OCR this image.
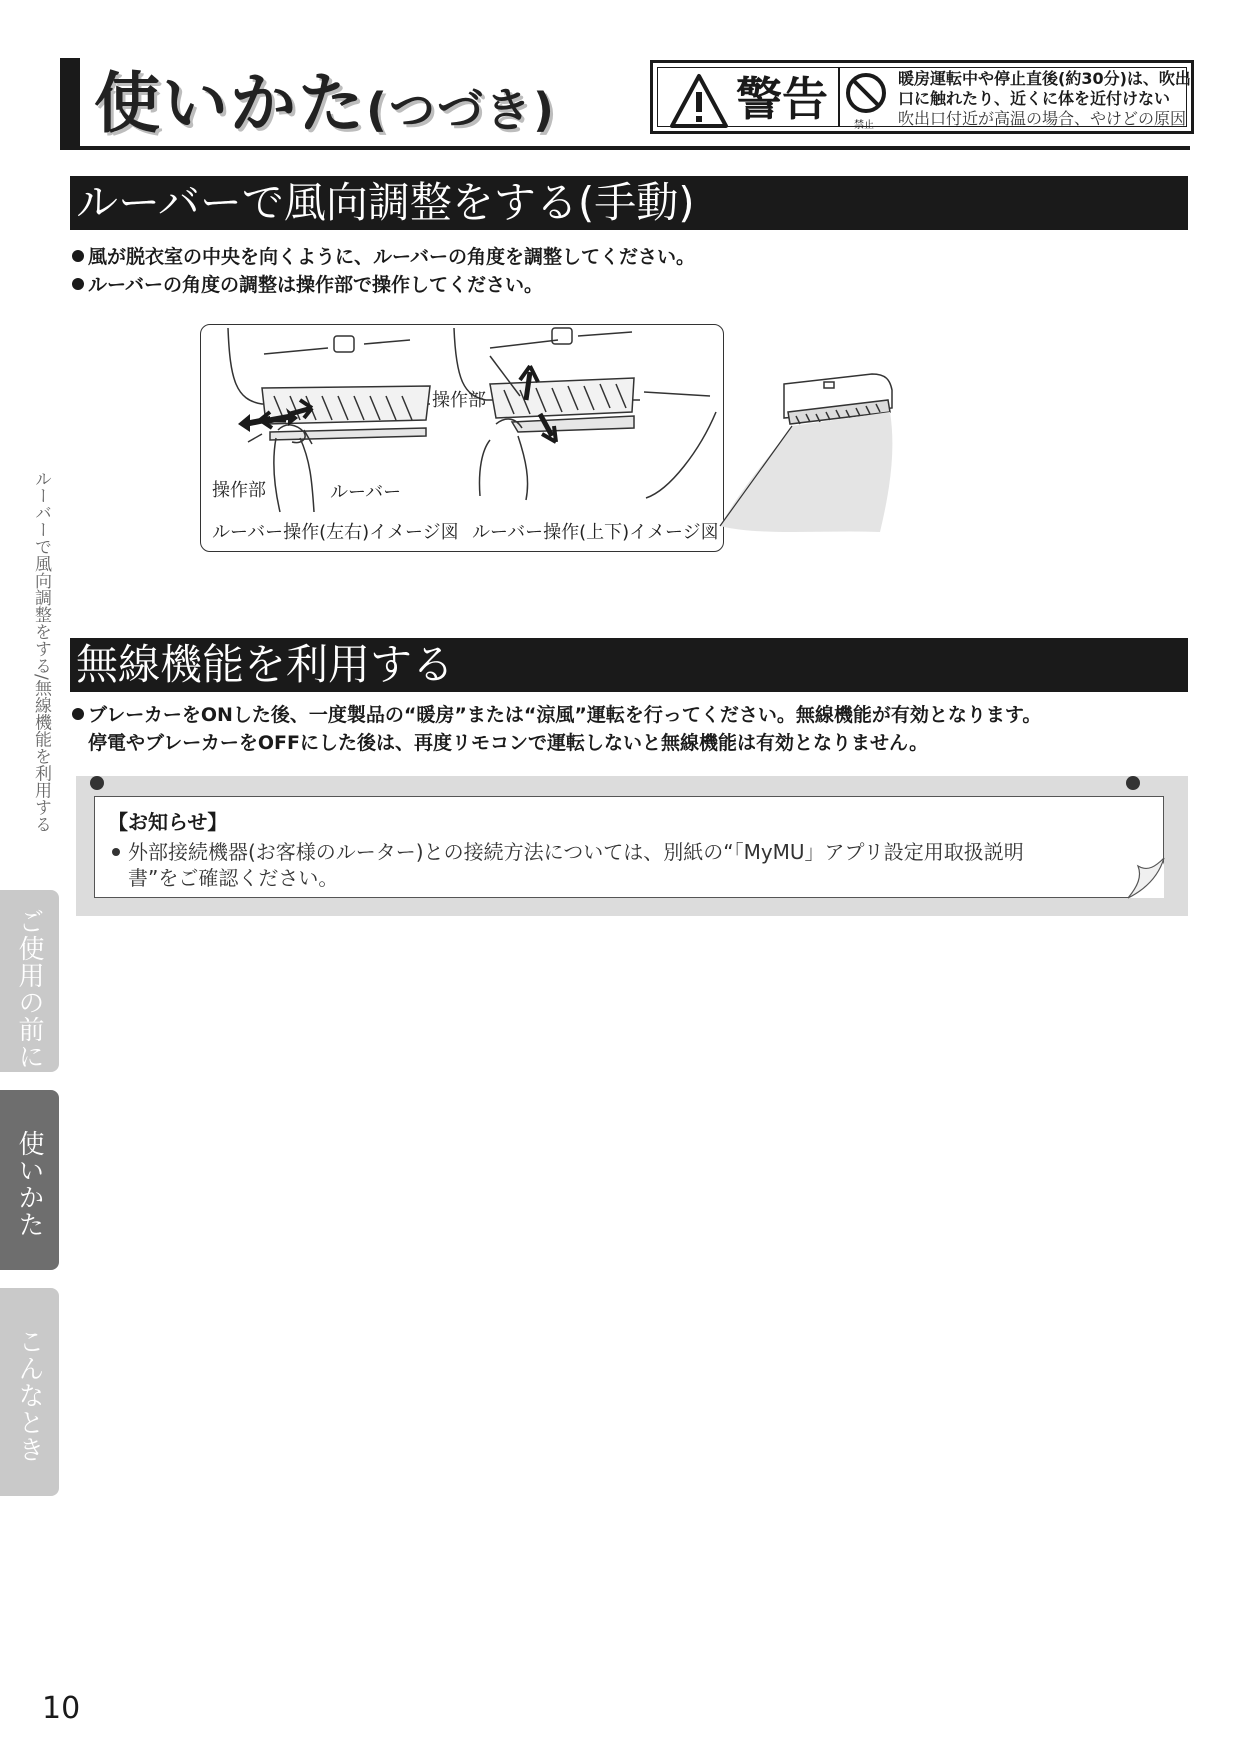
使いかた(つづき)	警告	禁止
暖房運転中や停止直後(約30分)は、吹出
口に触れたり、近くに体を近付けない
吹出口付近が高温の場合、やけどの原因
ルーバーで風向調整をする(手動)
風が脱衣室の中央を向くように、ルーバーの角度を調整してください。
ルーバーの角度の調整は操作部で操作してください。
操作部	ルーバー
操作部
ルーバー操作(左右)イメージ図 ルーバー操作(上下)イメージ図
無線機能を利用する
ブレーカーをONした後、一度製品の“暖房”または“涼風”運転を行ってください。無線機能が有効となります。
停電やブレーカーをOFFにした後は、再度リモコンで運転しないと無線機能は有効となりません。
【お知らせ】
外部接続機器(お客様のルーター)との接続方法については、別紙の“「MyMU」アプリ設定用取扱説明
書”をご確認ください。
ルーバーで風向調整をする/無線機能を利用する
ご使用の前に
使いかた
こんなとき
10
